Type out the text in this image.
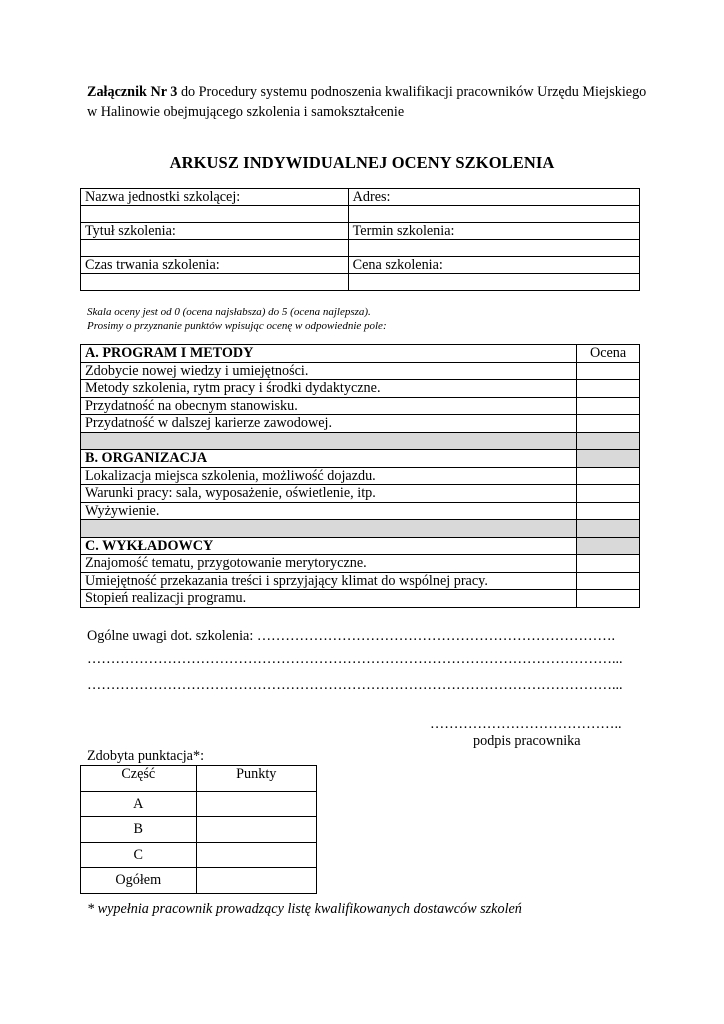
Załącznik Nr 3 do Procedury systemu podnoszenia kwalifikacji pracowników Urzędu Miejskiego w Halinowie obejmującego szkolenia i samokształcenie
ARKUSZ INDYWIDUALNEJ OCENY SZKOLENIA
Nazwa jednostki szkolącej:	Adres:

Tytuł szkolenia:	Termin szkolenia:

Czas trwania szkolenia:	Cena szkolenia:

Skala oceny jest od 0 (ocena najsłabsza) do 5 (ocena najlepsza).
Prosimy o przyznanie punktów wpisując ocenę w odpowiednie pole:
A. PROGRAM I METODY	Ocena
Zdobycie nowej wiedzy i umiejętności.	
Metody szkolenia, rytm pracy i środki dydaktyczne.	
Przydatność na obecnym stanowisku.	
Przydatność w dalszej karierze zawodowej.	

B. ORGANIZACJA	
Lokalizacja miejsca szkolenia, możliwość dojazdu.	
Warunki pracy: sala, wyposażenie, oświetlenie, itp.	
Wyżywienie.	

C. WYKŁADOWCY	
Znajomość tematu, przygotowanie merytoryczne.	
Umiejętność przekazania treści i sprzyjający klimat do wspólnej pracy.	
Stopień realizacji programu.	
Ogólne uwagi dot. szkolenia: ………………………………………………………………….
…………………………………………………………………………………………………...
…………………………………………………………………………………………………...
…………………………………..
podpis pracownika
Zdobyta punktacja*:
Część	Punkty
A	
B	
C	
Ogółem	
* wypełnia pracownik prowadzący listę kwalifikowanych dostawców szkoleń
